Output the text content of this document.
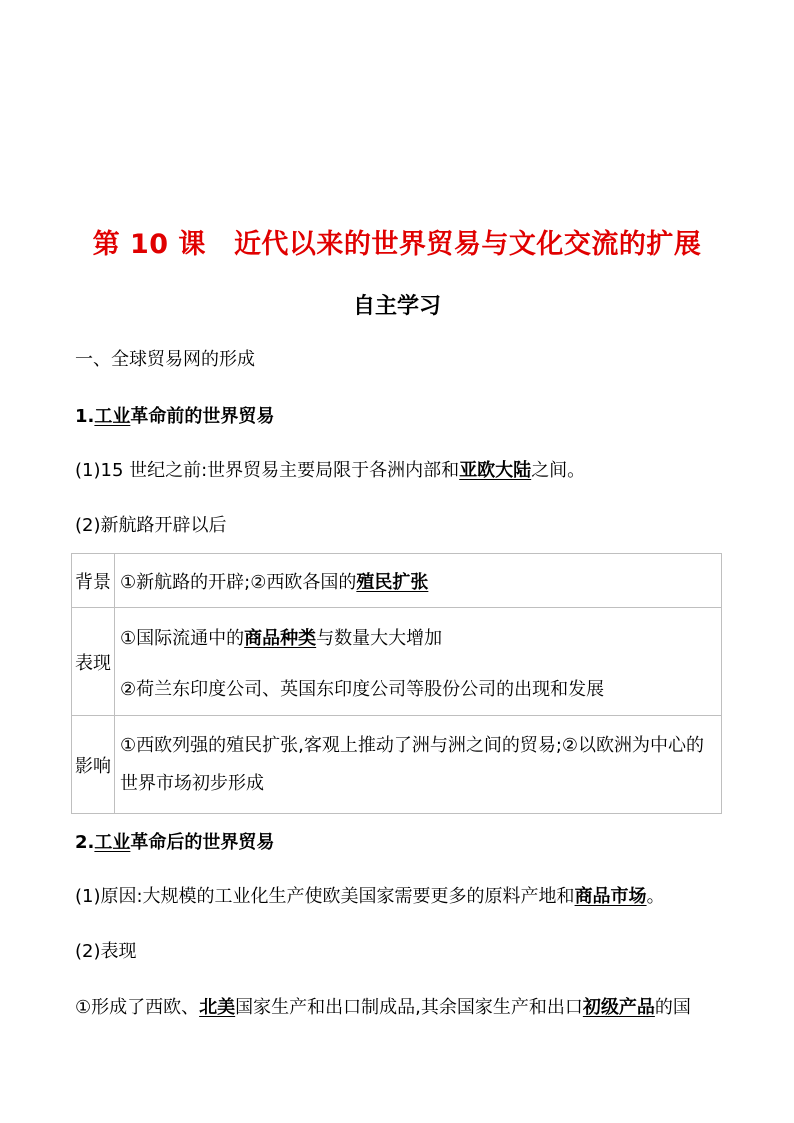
第 10 课 近代以来的世界贸易与文化交流的扩展
自主学习
一、全球贸易网的形成
1.工业革命前的世界贸易
(1)15 世纪之前:世界贸易主要局限于各洲内部和亚欧大陆之间。
(2)新航路开辟以后
背景	①新航路的开辟;②西欧各国的殖民扩张
表现	①国际流通中的商品种类与数量大大增加
②荷兰东印度公司、英国东印度公司等股份公司的出现和发展

影响	①西欧列强的殖民扩张,客观上推动了洲与洲之间的贸易;②以欧洲为中心的世界市场初步形成
2.工业革命后的世界贸易
(1)原因:大规模的工业化生产使欧美国家需要更多的原料产地和商品市场。
(2)表现
①形成了西欧、北美国家生产和出口制成品,其余国家生产和出口初级产品的国
